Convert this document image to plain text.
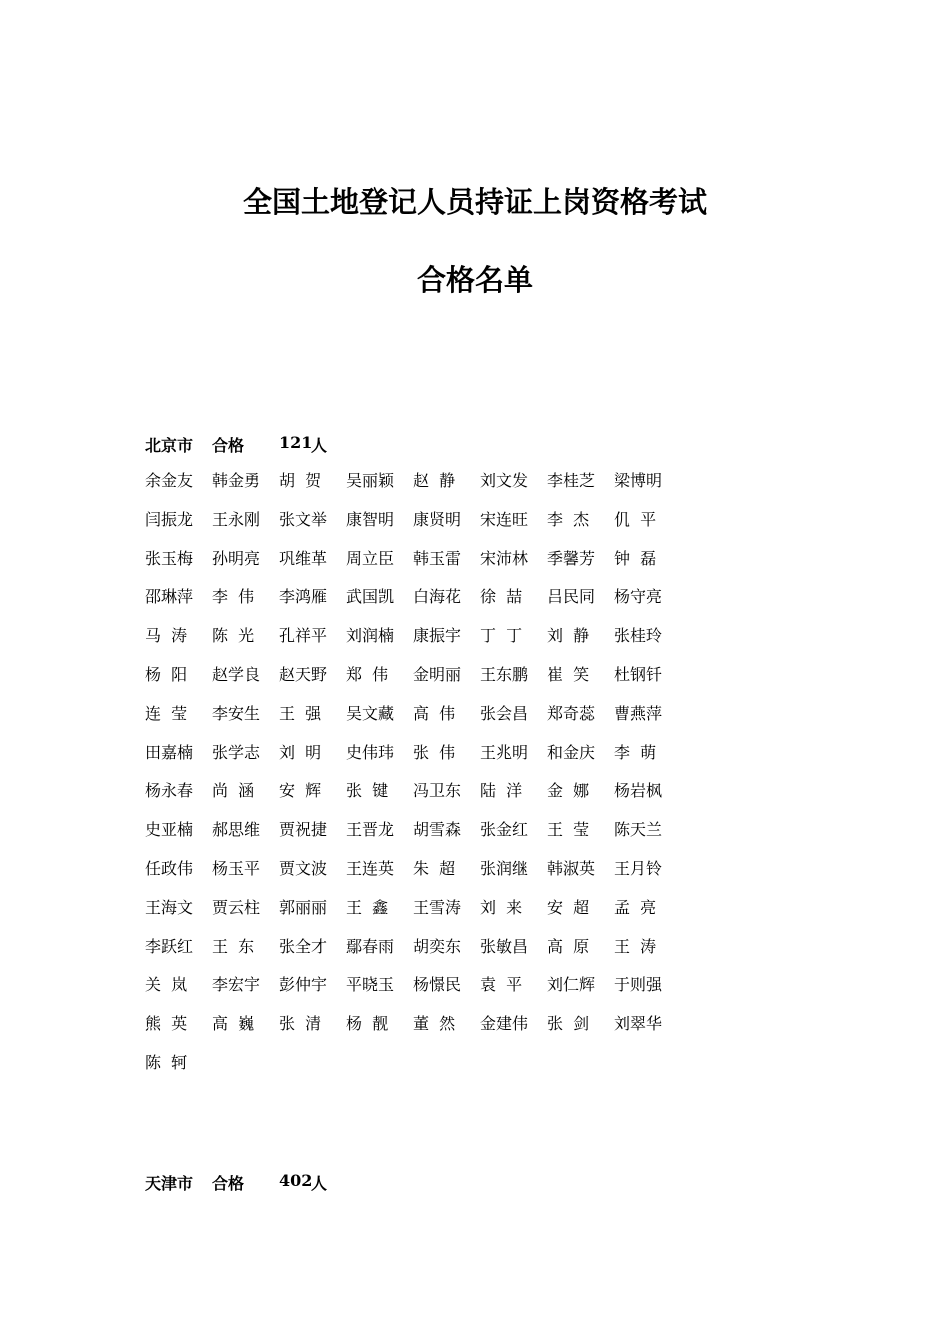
全国土地登记人员持证上岗资格考试
合格名单
北京市 合格 121
人
余金友 韩金勇 胡  贺 吴丽颖 赵  静 刘文发 李桂芝 梁博明
闫振龙 王永刚 张文举 康智明 康贤明 宋连旺 李  杰 仉  平
张玉梅 孙明亮 巩维革 周立臣 韩玉雷 宋沛林 季馨芳 钟  磊
邵琳萍 李  伟 李鸿雁 武国凯 白海花 徐  喆 吕民同 杨守亮
马  涛 陈  光 孔祥平 刘润楠 康振宇 丁  丁 刘  静 张桂玲
杨  阳 赵学良 赵天野 郑  伟 金明丽 王东鹏 崔  笑 杜钢钎
连  莹 李安生 王  强 吴文藏 高  伟 张会昌 郑奇蕊 曹燕萍
田嘉楠 张学志 刘  明 史伟玮 张  伟 王兆明 和金庆 李  萌
杨永春 尚  涵 安  辉 张  键 冯卫东 陆  洋 金  娜 杨岩枫
史亚楠 郝思维 贾祝捷 王晋龙 胡雪森 张金红 王  莹 陈天兰
任政伟 杨玉平 贾文波 王连英 朱  超 张润继 韩淑英 王月铃
王海文 贾云柱 郭丽丽 王  鑫 王雪涛 刘  来 安  超 孟  亮
李跃红 王  东 张全才 鄢春雨 胡奕东 张敏昌 高  原 王  涛
关  岚 李宏宇 彭仲宇 平晓玉 杨憬民 袁  平 刘仁辉 于则强
熊  英 高  巍 张  清 杨  靓 董  然 金建伟 张  剑 刘翠华
陈  轲
天津市 合格 402
人
